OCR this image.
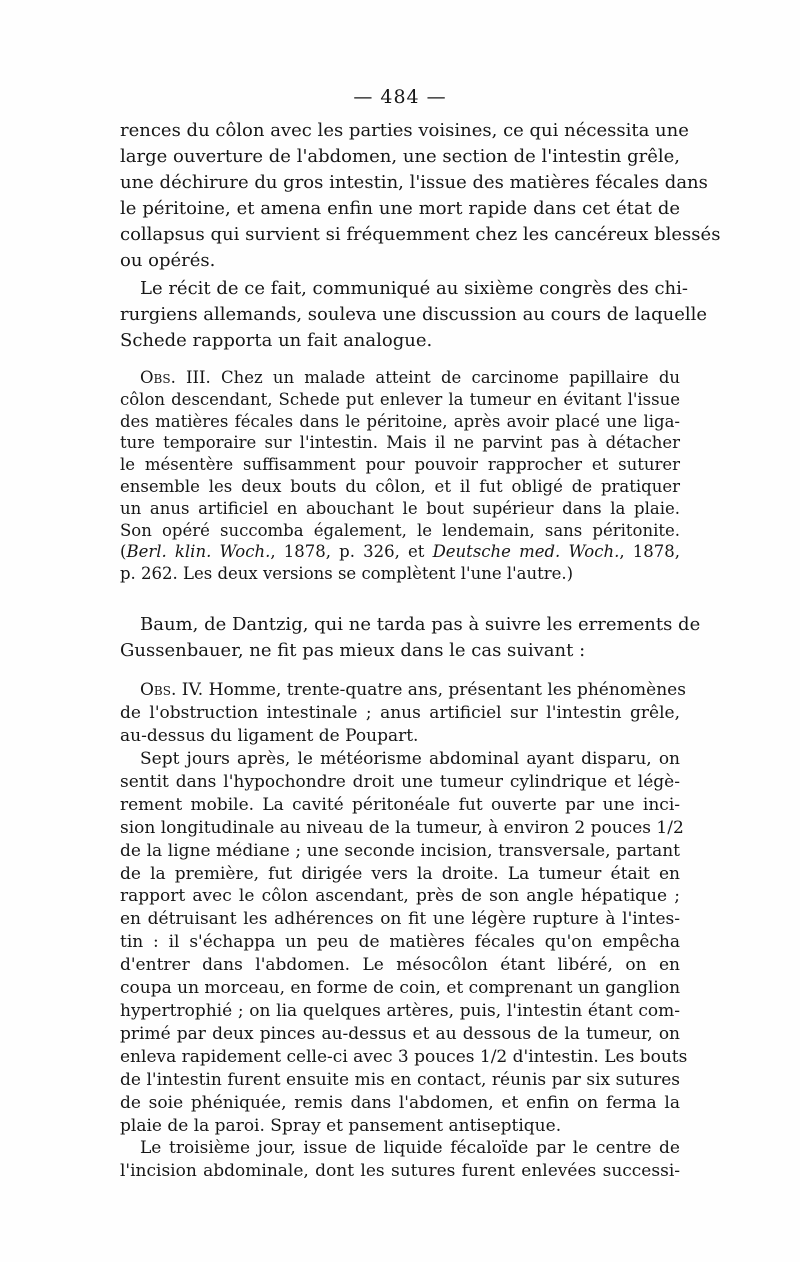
— 484 —
rences du côlon avec les parties voisines, ce qui nécessita une
large ouverture de l'abdomen, une section de l'intestin grêle,
une déchirure du gros intestin, l'issue des matières fécales dans
le péritoine, et amena enfin une mort rapide dans cet état de
collapsus qui survient si fréquemment chez les cancéreux blessés
ou opérés.
Le récit de ce fait, communiqué au sixième congrès des chi-
rurgiens allemands, souleva une discussion au cours de laquelle
Schede rapporta un fait analogue.
Obs. III. Chez un malade atteint de carcinome papillaire du
côlon descendant, Schede put enlever la tumeur en évitant l'issue
des matières fécales dans le péritoine, après avoir placé une liga-
ture temporaire sur l'intestin. Mais il ne parvint pas à détacher
le mésentère suffisamment pour pouvoir rapprocher et suturer
ensemble les deux bouts du côlon, et il fut obligé de pratiquer
un anus artificiel en abouchant le bout supérieur dans la plaie.
Son opéré succomba également, le lendemain, sans péritonite.
(Berl. klin. Woch., 1878, p. 326, et Deutsche med. Woch., 1878,
p. 262. Les deux versions se complètent l'une l'autre.)
Baum, de Dantzig, qui ne tarda pas à suivre les errements de
Gussenbauer, ne fit pas mieux dans le cas suivant :
Obs. IV. Homme, trente-quatre ans, présentant les phénomènes
de l'obstruction intestinale ; anus artificiel sur l'intestin grêle,
au-dessus du ligament de Poupart.
Sept jours après, le météorisme abdominal ayant disparu, on
sentit dans l'hypochondre droit une tumeur cylindrique et légè-
rement mobile. La cavité péritonéale fut ouverte par une inci-
sion longitudinale au niveau de la tumeur, à environ 2 pouces 1/2
de la ligne médiane ; une seconde incision, transversale, partant
de la première, fut dirigée vers la droite. La tumeur était en
rapport avec le côlon ascendant, près de son angle hépatique ;
en détruisant les adhérences on fit une légère rupture à l'intes-
tin : il s'échappa un peu de matières fécales qu'on empêcha
d'entrer dans l'abdomen. Le mésocôlon étant libéré, on en
coupa un morceau, en forme de coin, et comprenant un ganglion
hypertrophié ; on lia quelques artères, puis, l'intestin étant com-
primé par deux pinces au-dessus et au dessous de la tumeur, on
enleva rapidement celle-ci avec 3 pouces 1/2 d'intestin. Les bouts
de l'intestin furent ensuite mis en contact, réunis par six sutures
de soie phéniquée, remis dans l'abdomen, et enfin on ferma la
plaie de la paroi. Spray et pansement antiseptique.
Le troisième jour, issue de liquide fécaloïde par le centre de
l'incision abdominale, dont les sutures furent enlevées successi-
